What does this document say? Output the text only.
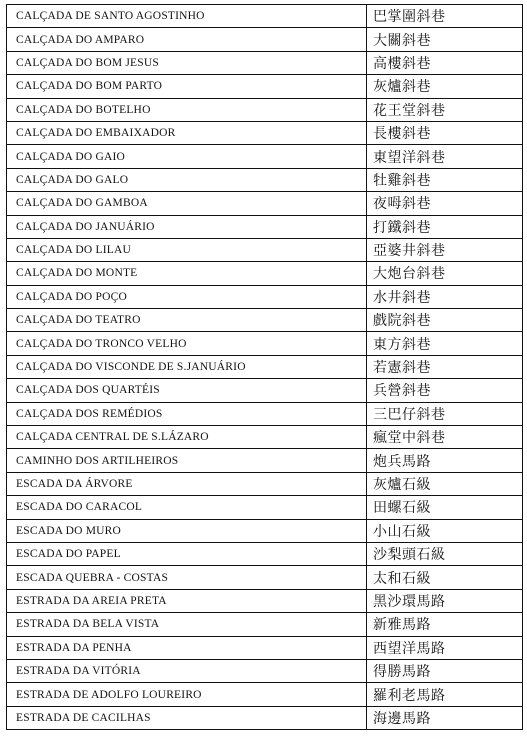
CALÇADA DE SANTO AGOSTINHO	巴掌圍斜巷
CALÇADA DO AMPARO	大關斜巷
CALÇADA DO BOM JESUS	高樓斜巷
CALÇADA DO BOM PARTO	灰爐斜巷
CALÇADA DO BOTELHO	花王堂斜巷
CALÇADA DO EMBAIXADOR	長樓斜巷
CALÇADA DO GAIO	東望洋斜巷
CALÇADA DO GALO	牡雞斜巷
CALÇADA DO GAMBOA	夜呣斜巷
CALÇADA DO JANUÁRIO	打鐵斜巷
CALÇADA DO LILAU	亞婆井斜巷
CALÇADA DO MONTE	大炮台斜巷
CALÇADA DO POÇO	水井斜巷
CALÇADA DO TEATRO	戲院斜巷
CALÇADA DO TRONCO VELHO	東方斜巷
CALÇADA DO VISCONDE DE S.JANUÁRIO	若憲斜巷
CALÇADA DOS QUARTÉIS	兵營斜巷
CALÇADA DOS REMÉDIOS	三巴仔斜巷
CALÇADA CENTRAL DE S.LÁZARO	瘋堂中斜巷
CAMINHO DOS ARTILHEIROS	炮兵馬路
ESCADA DA ÁRVORE	灰爐石級
ESCADA DO CARACOL	田螺石級
ESCADA DO MURO	小山石級
ESCADA DO PAPEL	沙梨頭石級
ESCADA QUEBRA - COSTAS	太和石級
ESTRADA DA AREIA PRETA	黑沙環馬路
ESTRADA DA BELA VISTA	新雅馬路
ESTRADA DA PENHA	西望洋馬路
ESTRADA DA VITÓRIA	得勝馬路
ESTRADA DE ADOLFO LOUREIRO	羅利老馬路
ESTRADA DE CACILHAS	海邊馬路
